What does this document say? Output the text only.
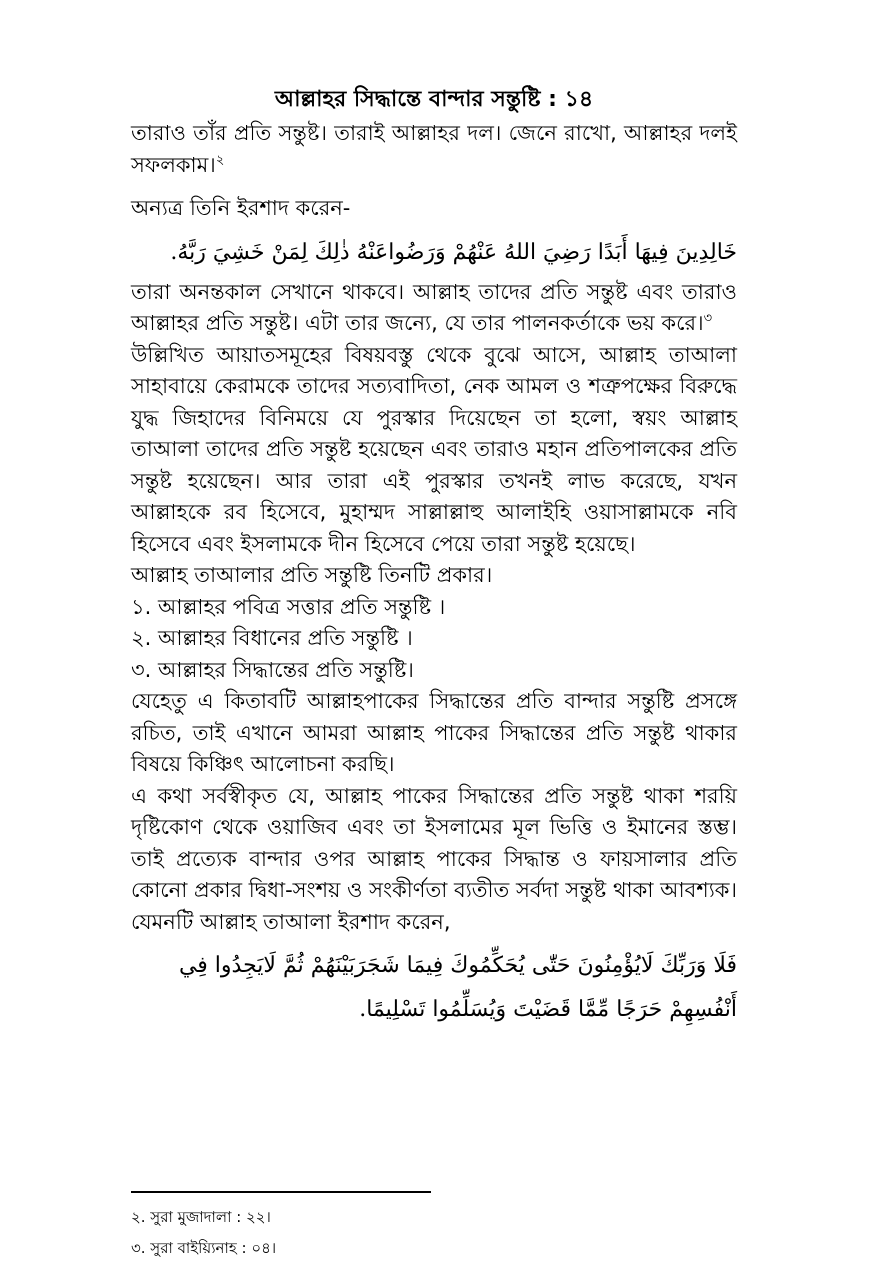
আল্লাহর সিদ্ধান্তে বান্দার সন্তুষ্টি : ১৪

তারাও তাঁর প্রতি সন্তুষ্ট। তারাই আল্লাহর দল। জেনে রাখো, আল্লাহর দলই সফলকাম।$^২$

অন্যত্র তিনি ইরশাদ করেন-

خَالِدِينَ فِيهَا أَبَدًا رَضِيَ اللهُ عَنْهُمْ وَرَضُواعَنْهُ ذٰلِكَ لِمَنْ خَشِيَ رَبَّهُ.

তারা অনন্তকাল সেখানে থাকবে। আল্লাহ তাদের প্রতি সন্তুষ্ট এবং তারাও আল্লাহর প্রতি সন্তুষ্ট। এটা তার জন্যে, যে তার পালনকর্তাকে ভয় করে।$^৩$

উল্লিখিত আয়াতসমূহের বিষয়বস্তু থেকে বুঝে আসে, আল্লাহ তাআলা সাহাবায়ে কেরামকে তাদের সত্যবাদিতা, নেক আমল ও শত্রুপক্ষের বিরুদ্ধে যুদ্ধ জিহাদের বিনিময়ে যে পুরস্কার দিয়েছেন তা হলো, স্বয়ং আল্লাহ তাআলা তাদের প্রতি সন্তুষ্ট হয়েছেন এবং তারাও মহান প্রতিপালকের প্রতি সন্তুষ্ট হয়েছেন। আর তারা এই পুরস্কার তখনই লাভ করেছে, যখন আল্লাহকে রব হিসেবে, মুহাম্মদ সাল্লাল্লাহু আলাইহি ওয়াসাল্লামকে নবি হিসেবে এবং ইসলামকে দীন হিসেবে পেয়ে তারা সন্তুষ্ট হয়েছে।

আল্লাহ তাআলার প্রতি সন্তুষ্টি তিনটি প্রকার।

১. আল্লাহর পবিত্র সত্তার প্রতি সন্তুষ্টি ।

২. আল্লাহর বিধানের প্রতি সন্তুষ্টি ।

৩. আল্লাহর সিদ্ধান্তের প্রতি সন্তুষ্টি।

যেহেতু এ কিতাবটি আল্লাহপাকের সিদ্ধান্তের প্রতি বান্দার সন্তুষ্টি প্রসঙ্গে রচিত, তাই এখানে আমরা আল্লাহ পাকের সিদ্ধান্তের প্রতি সন্তুষ্ট থাকার বিষয়ে কিঞ্চিৎ আলোচনা করছি।

এ কথা সর্বস্বীকৃত যে, আল্লাহ পাকের সিদ্ধান্তের প্রতি সন্তুষ্ট থাকা শরয়ি দৃষ্টিকোণ থেকে ওয়াজিব এবং তা ইসলামের মূল ভিত্তি ও ইমানের স্তম্ভ। তাই প্রত্যেক বান্দার ওপর আল্লাহ পাকের সিদ্ধান্ত ও ফায়সালার প্রতি কোনো প্রকার দ্বিধা-সংশয় ও সংকীর্ণতা ব্যতীত সর্বদা সন্তুষ্ট থাকা আবশ্যক। যেমনটি আল্লাহ তাআলা ইরশাদ করেন,

فَلَا وَرَبِّكَ لَايُؤْمِنُونَ حَتّٰى يُحَكِّمُوكَ فِيمَا شَجَرَبَيْنَهُمْ ثُمَّ لَايَجِدُوا فِي أَنْفُسِهِمْ حَرَجًا مِّمَّا قَضَيْتَ وَيُسَلِّمُوا تَسْلِيمًا.

২. সুরা মুজাদালা : ২২।
৩. সুরা বাইয়্যিনাহ : ০৪।
